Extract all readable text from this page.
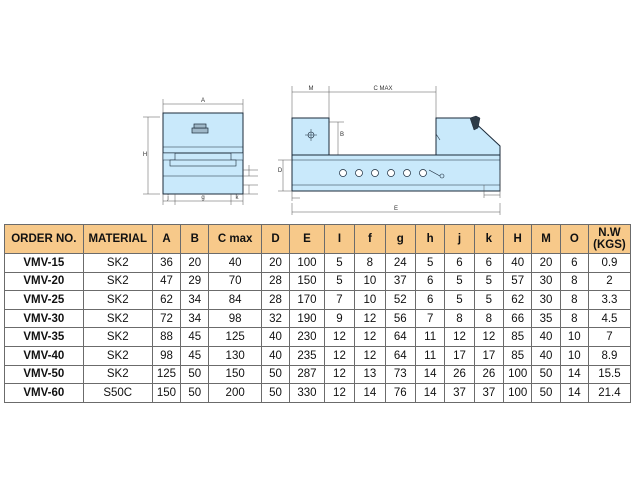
A
H
j	g	k
M	C MAX
B
D
E
ORDER NO.	MATERIAL	A	B	C max	D	E	I	f	g	h	j	k	H	M	O	N.W (KGS)
VMV-15	SK2	36	20	40	20	100	5	8	24	5	6	6	40	20	6	0.9
VMV-20	SK2	47	29	70	28	150	5	10	37	6	5	5	57	30	8	2
VMV-25	SK2	62	34	84	28	170	7	10	52	6	5	5	62	30	8	3.3
VMV-30	SK2	72	34	98	32	190	9	12	56	7	8	8	66	35	8	4.5
VMV-35	SK2	88	45	125	40	230	12	12	64	11	12	12	85	40	10	7
VMV-40	SK2	98	45	130	40	235	12	12	64	11	17	17	85	40	10	8.9
VMV-50	SK2	125	50	150	50	287	12	13	73	14	26	26	100	50	14	15.5
VMV-60	S50C	150	50	200	50	330	12	14	76	14	37	37	100	50	14	21.4
